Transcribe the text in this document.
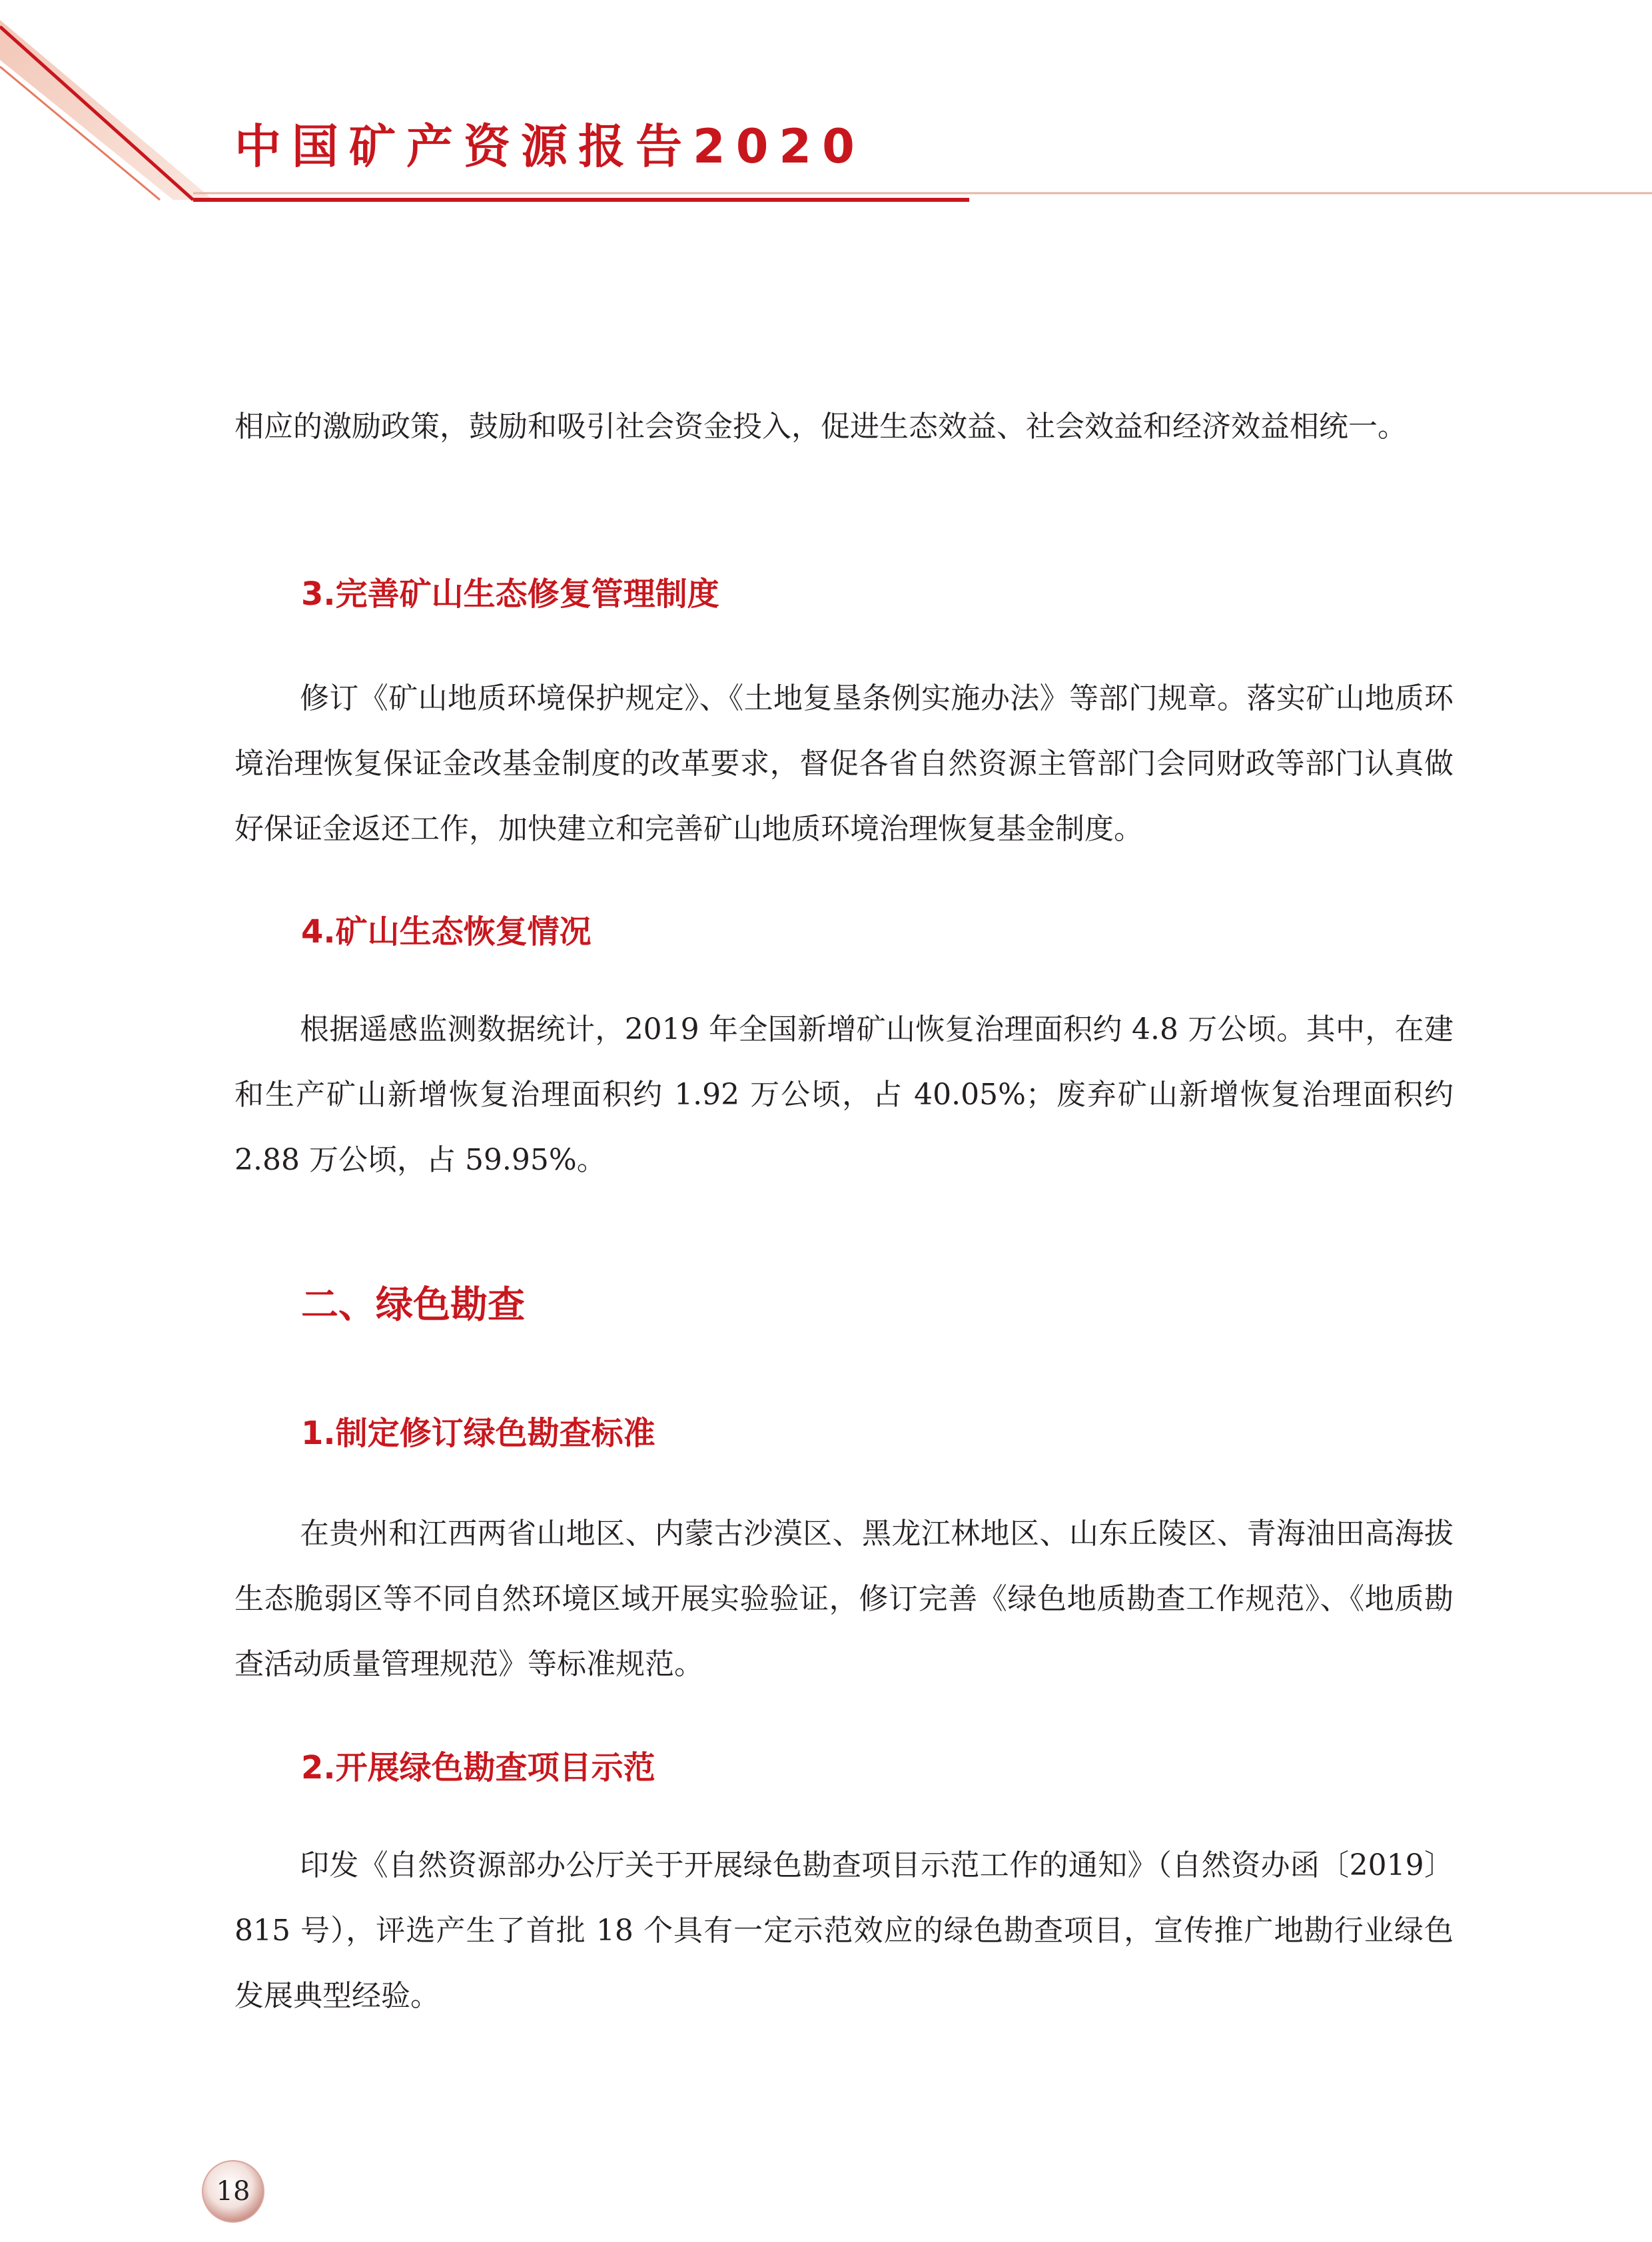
中国矿产资源报告2020

相应的激励政策，鼓励和吸引社会资金投入，促进生态效益、社会效益和经济效益相统一。

3.完善矿山生态修复管理制度

修订《矿山地质环境保护规定》、《土地复垦条例实施办法》等部门规章。落实矿山地质环境治理恢复保证金改基金制度的改革要求，督促各省自然资源主管部门会同财政等部门认真做好保证金返还工作，加快建立和完善矿山地质环境治理恢复基金制度。

4.矿山生态恢复情况

根据遥感监测数据统计，2019 年全国新增矿山恢复治理面积约 4.8 万公顷。其中，在建和生产矿山新增恢复治理面积约 1.92 万公顷，占 40.05%；废弃矿山新增恢复治理面积约 2.88 万公顷，占 59.95%。

二、绿色勘查
1.制定修订绿色勘查标准

在贵州和江西两省山地区、内蒙古沙漠区、黑龙江林地区、山东丘陵区、青海油田高海拔生态脆弱区等不同自然环境区域开展实验验证，修订完善《绿色地质勘查工作规范》、《地质勘查活动质量管理规范》等标准规范。

2.开展绿色勘查项目示范

印发《自然资源部办公厅关于开展绿色勘查项目示范工作的通知》（自然资办函〔2019〕815 号），评选产生了首批 18 个具有一定示范效应的绿色勘查项目，宣传推广地勘行业绿色发展典型经验。

18
